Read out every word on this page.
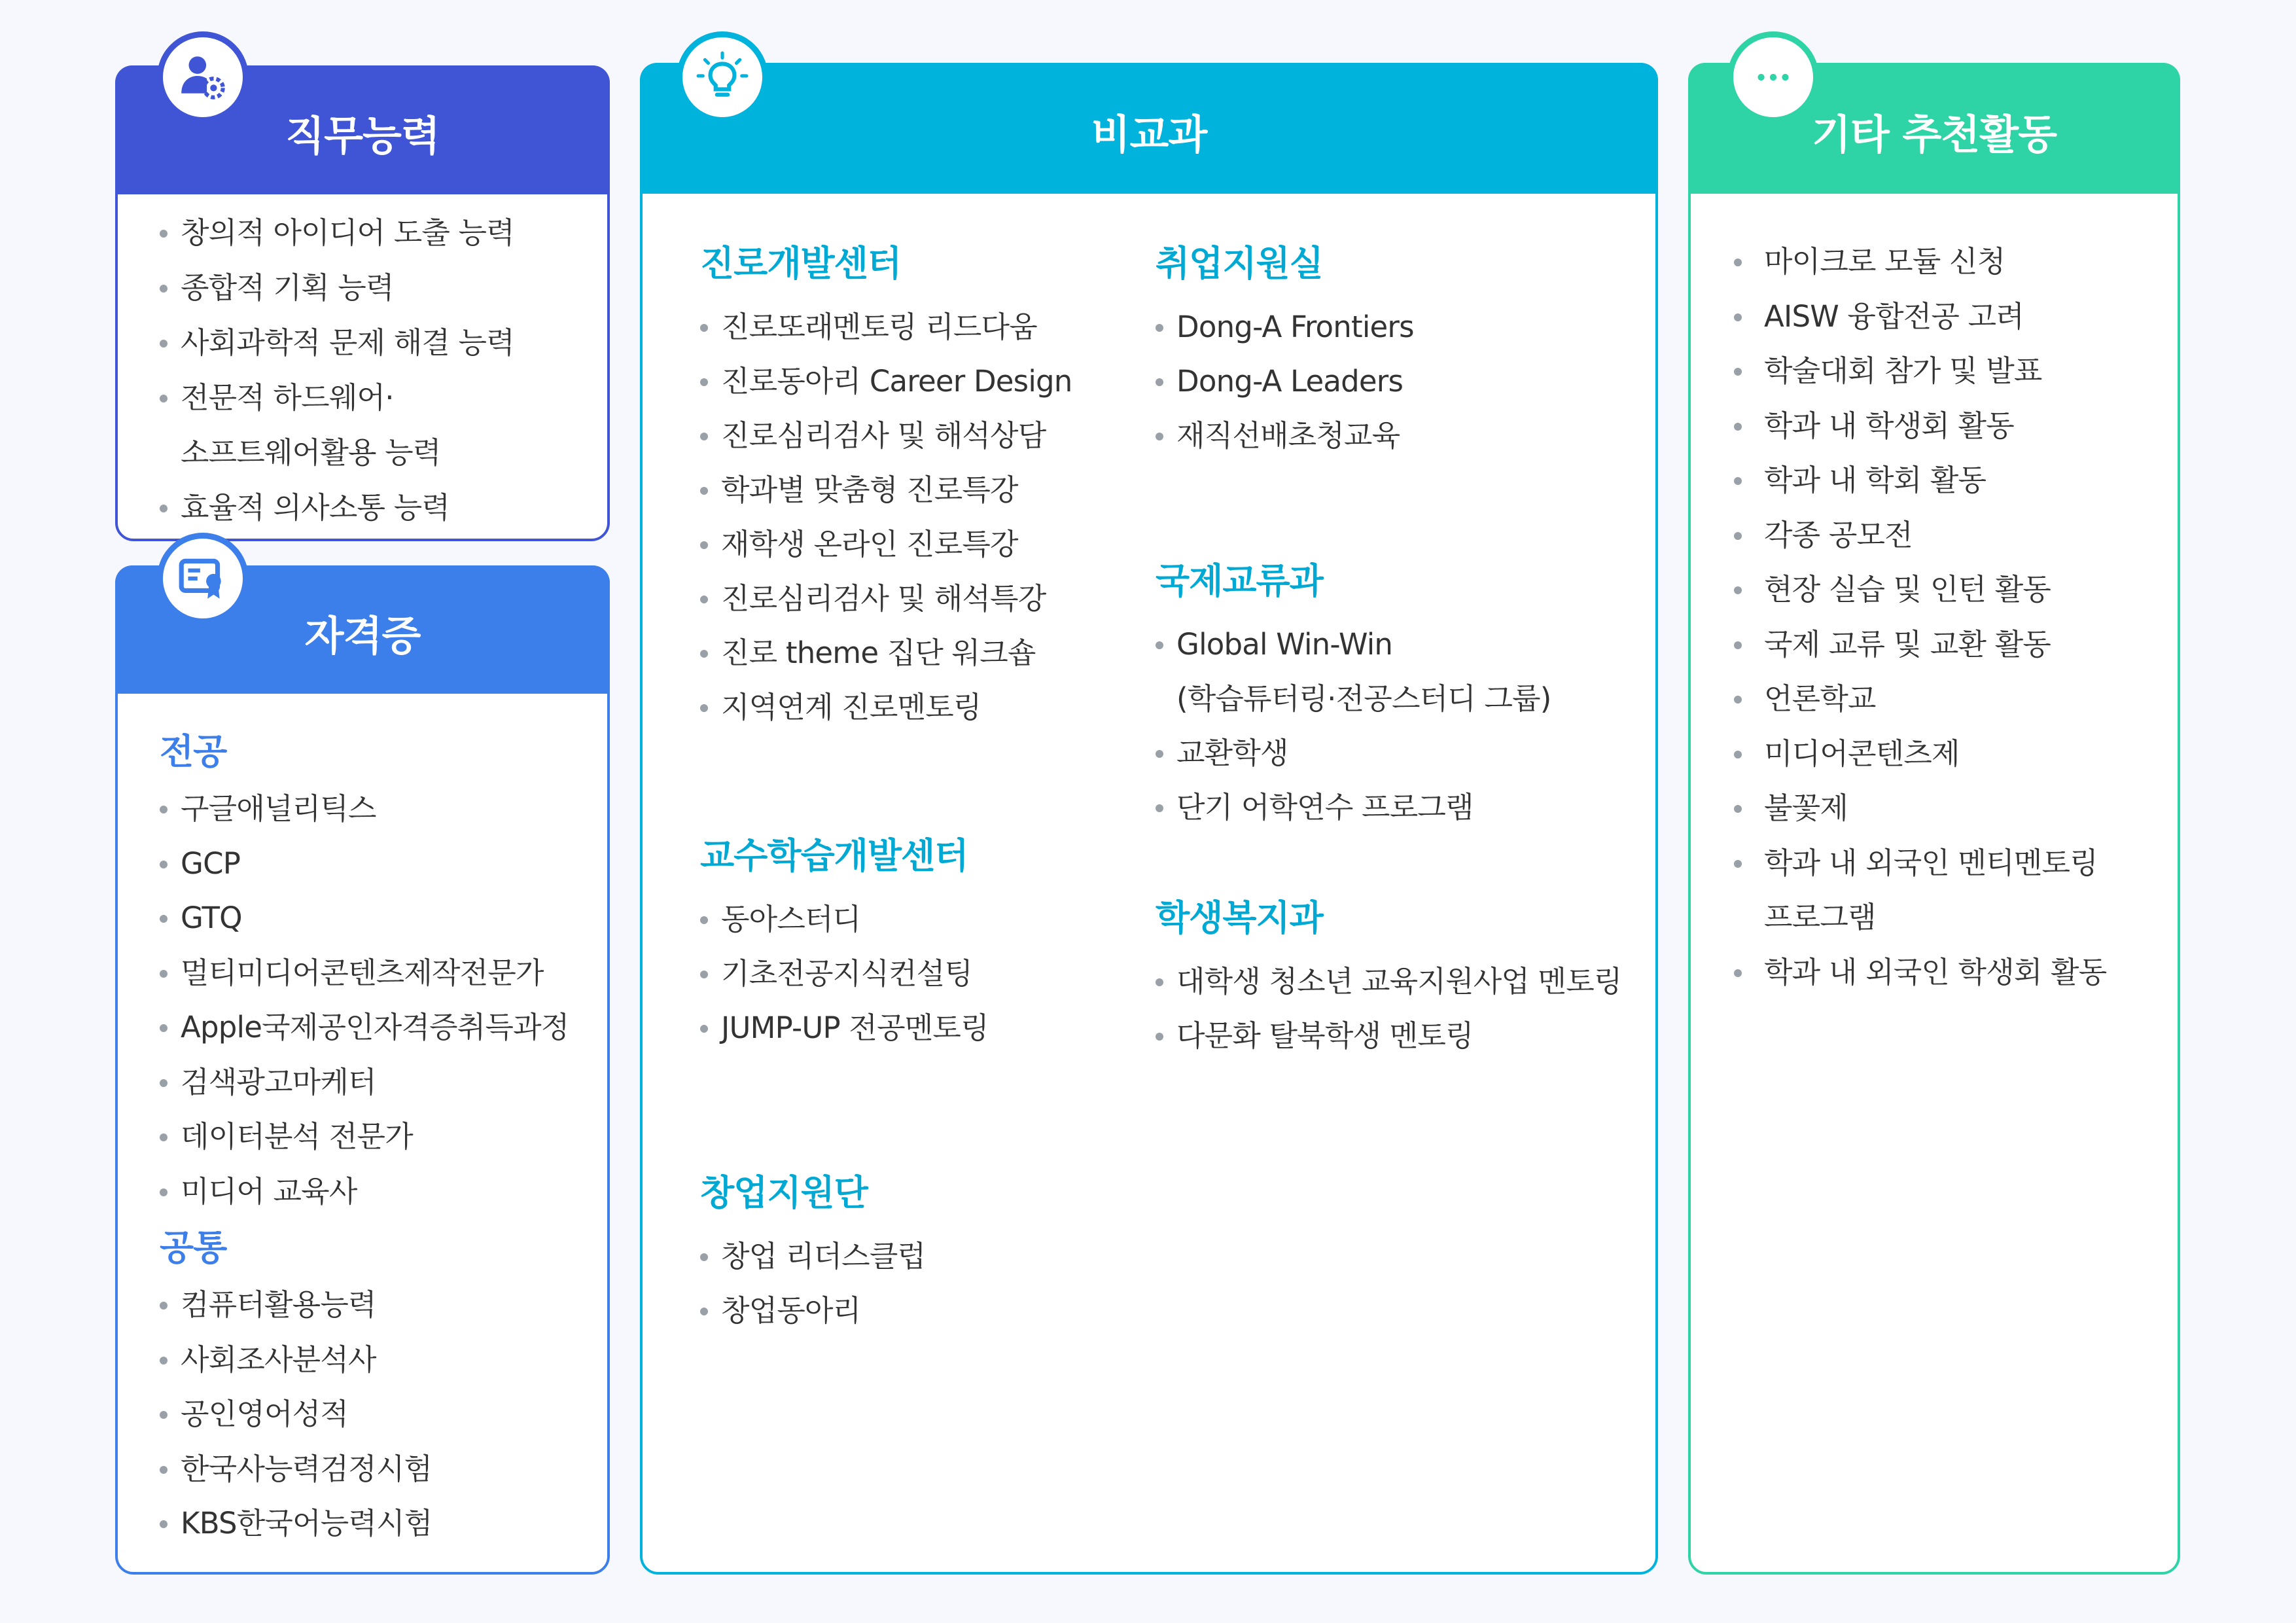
직무능력
창의적 아이디어 도출 능력
종합적 기획 능력
사회과학적 문제 해결 능력
전문적 하드웨어·
소프트웨어활용 능력
효율적 의사소통 능력
자격증
전공
구글애널리틱스
GCP
GTQ
멀티미디어콘텐츠제작전문가
Apple국제공인자격증취득과정
검색광고마케터
데이터분석 전문가
미디어 교육사
공통
컴퓨터활용능력
사회조사분석사
공인영어성적
한국사능력검정시험
KBS한국어능력시험
비교과
진로개발센터
진로또래멘토링 리드다움
진로동아리 Career Design
진로심리검사 및 해석상담
학과별 맞춤형 진로특강
재학생 온라인 진로특강
진로심리검사 및 해석특강
진로 theme 집단 워크숍
지역연계 진로멘토링
교수학습개발센터
동아스터디
기초전공지식컨설팅
JUMP-UP 전공멘토링
창업지원단
창업 리더스클럽
창업동아리
취업지원실
Dong-A Frontiers
Dong-A Leaders
재직선배초청교육
국제교류과
Global Win-Win
(학습튜터링·전공스터디 그룹)
교환학생
단기 어학연수 프로그램
학생복지과
대학생 청소년 교육지원사업 멘토링
다문화 탈북학생 멘토링
기타 추천활동
마이크로 모듈 신청
AISW 융합전공 고려
학술대회 참가 및 발표
학과 내 학생회 활동
학과 내 학회 활동
각종 공모전
현장 실습 및 인턴 활동
국제 교류 및 교환 활동
언론학교
미디어콘텐츠제
불꽃제
학과 내 외국인 멘티멘토링
프로그램
학과 내 외국인 학생회 활동
